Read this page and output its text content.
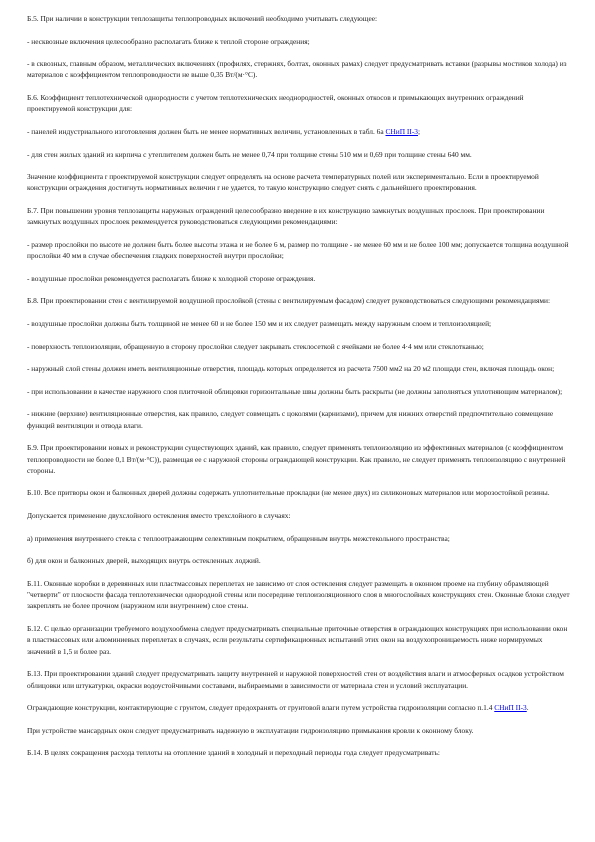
Б.5. При наличии в конструкции теплозащиты теплопроводных включений необходимо учитывать следующее:

- несквозные включения целесообразно располагать ближе к теплой стороне ограждения;

- в сквозных, главным образом, металлических включениях (профилях, стержнях, болтах, оконных рамах) следует предусматривать вставки (разрывы мостиков холода) из материалов с коэффициентом теплопроводности не выше 0,35 Вт/(м·°С).

Б.6. Коэффициент теплотехнической однородности с учетом теплотехнических неоднородностей, оконных откосов и примыкающих внутренних ограждений проектируемой конструкции для:

- панелей индустриального изготовления должен быть не менее нормативных величин, установленных в табл. 6а СНиП II-3;

- для стен жилых зданий из кирпича с утеплителем должен быть не менее 0,74 при толщине стены 510 мм и 0,69 при толщине стены 640 мм.

Значение коэффициента r проектируемой конструкции следует определять на основе расчета температурных полей или экспериментально. Если в проектируемой конструкции ограждения достигнуть нормативных величин r не удается, то такую конструкцию следует снять с дальнейшего проектирования.

Б.7. При повышении уровня теплозащиты наружных ограждений целесообразно введение в их конструкцию замкнутых воздушных прослоек. При проектировании замкнутых воздушных прослоек рекомендуется руководствоваться следующими рекомендациями:

- размер прослойки по высоте не должен быть более высоты этажа и не более 6 м, размер по толщине - не менее 60 мм и не более 100 мм; допускается толщина воздушной прослойки 40 мм в случае обеспечения гладких поверхностей внутри прослойки;

- воздушные прослойки рекомендуется располагать ближе к холодной стороне ограждения.

Б.8. При проектировании стен с вентилируемой воздушной прослойкой (стены с вентилируемым фасадом) следует руководствоваться следующими рекомендациями:

- воздушные прослойки должны быть толщиной не менее 60 и не более 150 мм и их следует размещать между наружным слоем и теплоизоляцией;

- поверхность теплоизоляции, обращенную в сторону прослойки следует закрывать стеклосеткой с ячейками не более 4·4 мм или стеклотканью;

- наружный слой стены должен иметь вентиляционные отверстия, площадь которых определяется из расчета 7500 мм2 на 20 м2 площади стен, включая площадь окон;

- при использовании в качестве наружного слоя плиточной облицовки горизонтальные швы должны быть раскрыты (не должны заполняться уплотняющим материалом);

- нижние (верхние) вентиляционные отверстия, как правило, следует совмещать с цоколями (карнизами), причем для нижних отверстий предпочтительно совмещение функций вентиляции и отвода влаги.

Б.9. При проектировании новых и реконструкции существующих зданий, как правило, следует применять теплоизоляцию из эффективных материалов (с коэффициентом теплопроводности не более 0,1 Вт/(м·°С)), размещая ее с наружной стороны ограждающей конструкции. Как правило, не следует применять теплоизоляцию с внутренней стороны.

Б.10. Все притворы окон и балконных дверей должны содержать уплотнительные прокладки (не менее двух) из силиконовых материалов или морозостойкой резины.

Допускается применение двухслойного остекления вместо трехслойного в случаях:

а) применения внутреннего стекла с теплоотражающим селективным покрытием, обращенным внутрь межстекольного пространства;

б) для окон и балконных дверей, выходящих внутрь остекленных лоджий.

Б.11. Оконные коробки в деревянных или пластмассовых переплетах не зависимо от слоя остекления следует размещать в оконном проеме на глубину обрамляющей "четверти" от плоскости фасада теплотехнически однородной стены или посередине теплоизоляционного слоя в многослойных конструкциях стен. Оконные блоки следует закреплять не более прочном (наружном или внутреннем) слое стены.

Б.12. С целью организации требуемого воздухообмена следует предусматривать специальные приточные отверстия в ограждающих конструкциях при использовании окон в пластмассовых или алюминиевых переплетах в случаях, если результаты сертификационных испытаний этих окон на воздухопроницаемость ниже нормируемых значений в 1,5 и более раз.

Б.13. При проектировании зданий следует предусматривать защиту внутренней и наружной поверхностей стен от воздействия влаги и атмосферных осадков устройством облицовки или штукатурки, окраски водоустойчивыми составами, выбираемыми в зависимости от материала стен и условий эксплуатации.

Ограждающие конструкции, контактирующие с грунтом, следует предохранять от грунтовой влаги путем устройства гидроизоляции согласно п.1.4 СНиП II-3.

При устройстве мансардных окон следует предусматривать надежную в эксплуатации гидроизоляцию примыкания кровли к оконному блоку.

Б.14. В целях сокращения расхода теплоты на отопление зданий в холодный и переходный периоды года следует предусматривать:
